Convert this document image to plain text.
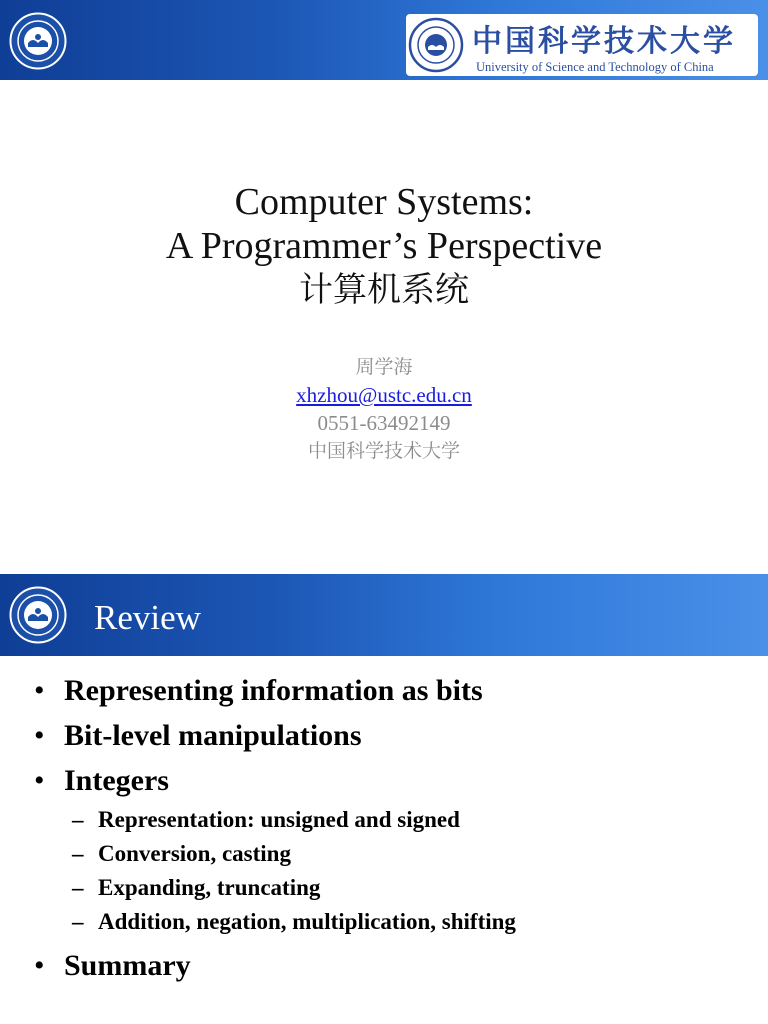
中国科学技术大学
University of Science and Technology of China
Computer Systems:
A Programmer’s Perspective
计算机系统
周学海
xhzhou@ustc.edu.cn
0551-63492149
中国科学技术大学
Review
• Representing information as bits
• Bit-level manipulations
• Integers
– Representation: unsigned and signed
– Conversion, casting
– Expanding, truncating
– Addition, negation, multiplication, shifting
• Summary
